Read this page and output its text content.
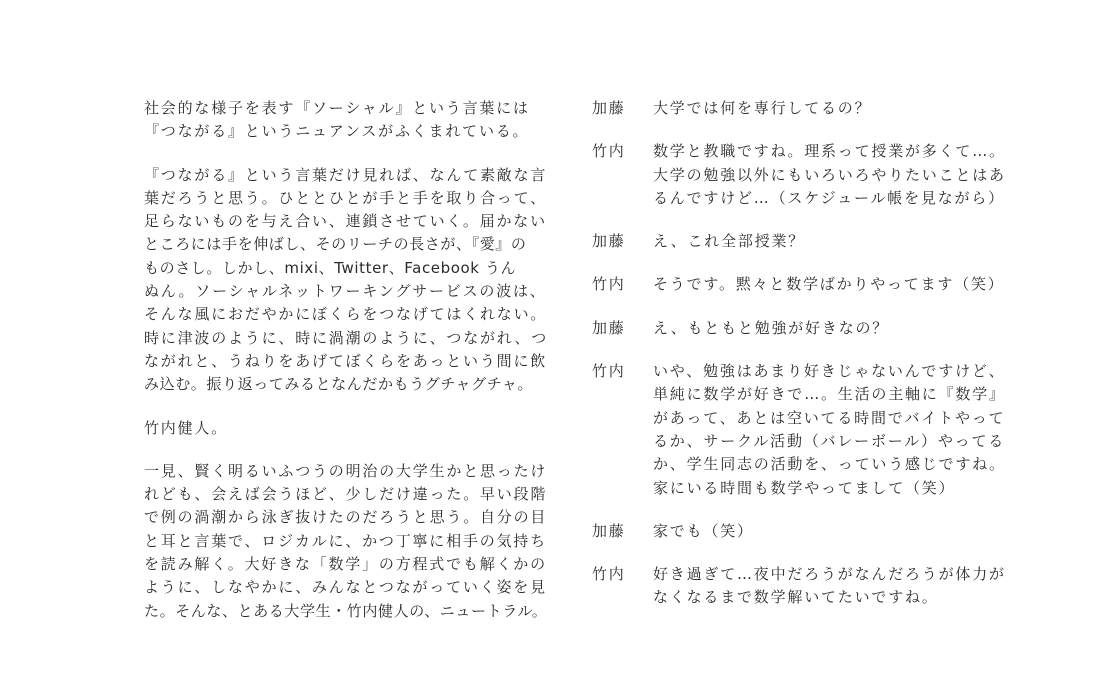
社会的な様子を表す『ソーシャル』という言葉には
『つながる』というニュアンスがふくまれている。
『つながる』という言葉だけ見れば、なんて素敵な言
葉だろうと思う。ひととひとが手と手を取り合って、
足らないものを与え合い、連鎖させていく。届かない
ところには手を伸ばし、そのリーチの長さが、『愛』の
ものさし。しかし、mixi、Twitter、Facebook うん
ぬん。ソーシャルネットワーキングサービスの波は、
そんな風におだやかにぼくらをつなげてはくれない。
時に津波のように、時に渦潮のように、つながれ、つ
ながれと、うねりをあげてぼくらをあっという間に飲
み込む。振り返ってみるとなんだかもうグチャグチャ。
竹内健人。
一見、賢く明るいふつうの明治の大学生かと思ったけ
れども、会えば会うほど、少しだけ違った。早い段階
で例の渦潮から泳ぎ抜けたのだろうと思う。自分の目
と耳と言葉で、ロジカルに、かつ丁寧に相手の気持ち
を読み解く。大好きな「数学」の方程式でも解くかの
ように、しなやかに、みんなとつながっていく姿を見
た。そんな、とある大学生・竹内健人の、ニュートラル。
加藤	大学では何を専行してるの？
竹内	数学と教職ですね。理系って授業が多くて…。
大学の勉強以外にもいろいろやりたいことはあ
るんですけど…（スケジュール帳を見ながら）
加藤	え、これ全部授業？
竹内	そうです。黙々と数学ばかりやってます（笑）
加藤	え、もともと勉強が好きなの？
竹内	いや、勉強はあまり好きじゃないんですけど、
単純に数学が好きで…。生活の主軸に『数学』
があって、あとは空いてる時間でバイトやって
るか、サークル活動（バレーボール）やってる
か、学生同志の活動を、っていう感じですね。
家にいる時間も数学やってまして（笑）
加藤	家でも（笑）
竹内	好き過ぎて…夜中だろうがなんだろうが体力が
なくなるまで数学解いてたいですね。
